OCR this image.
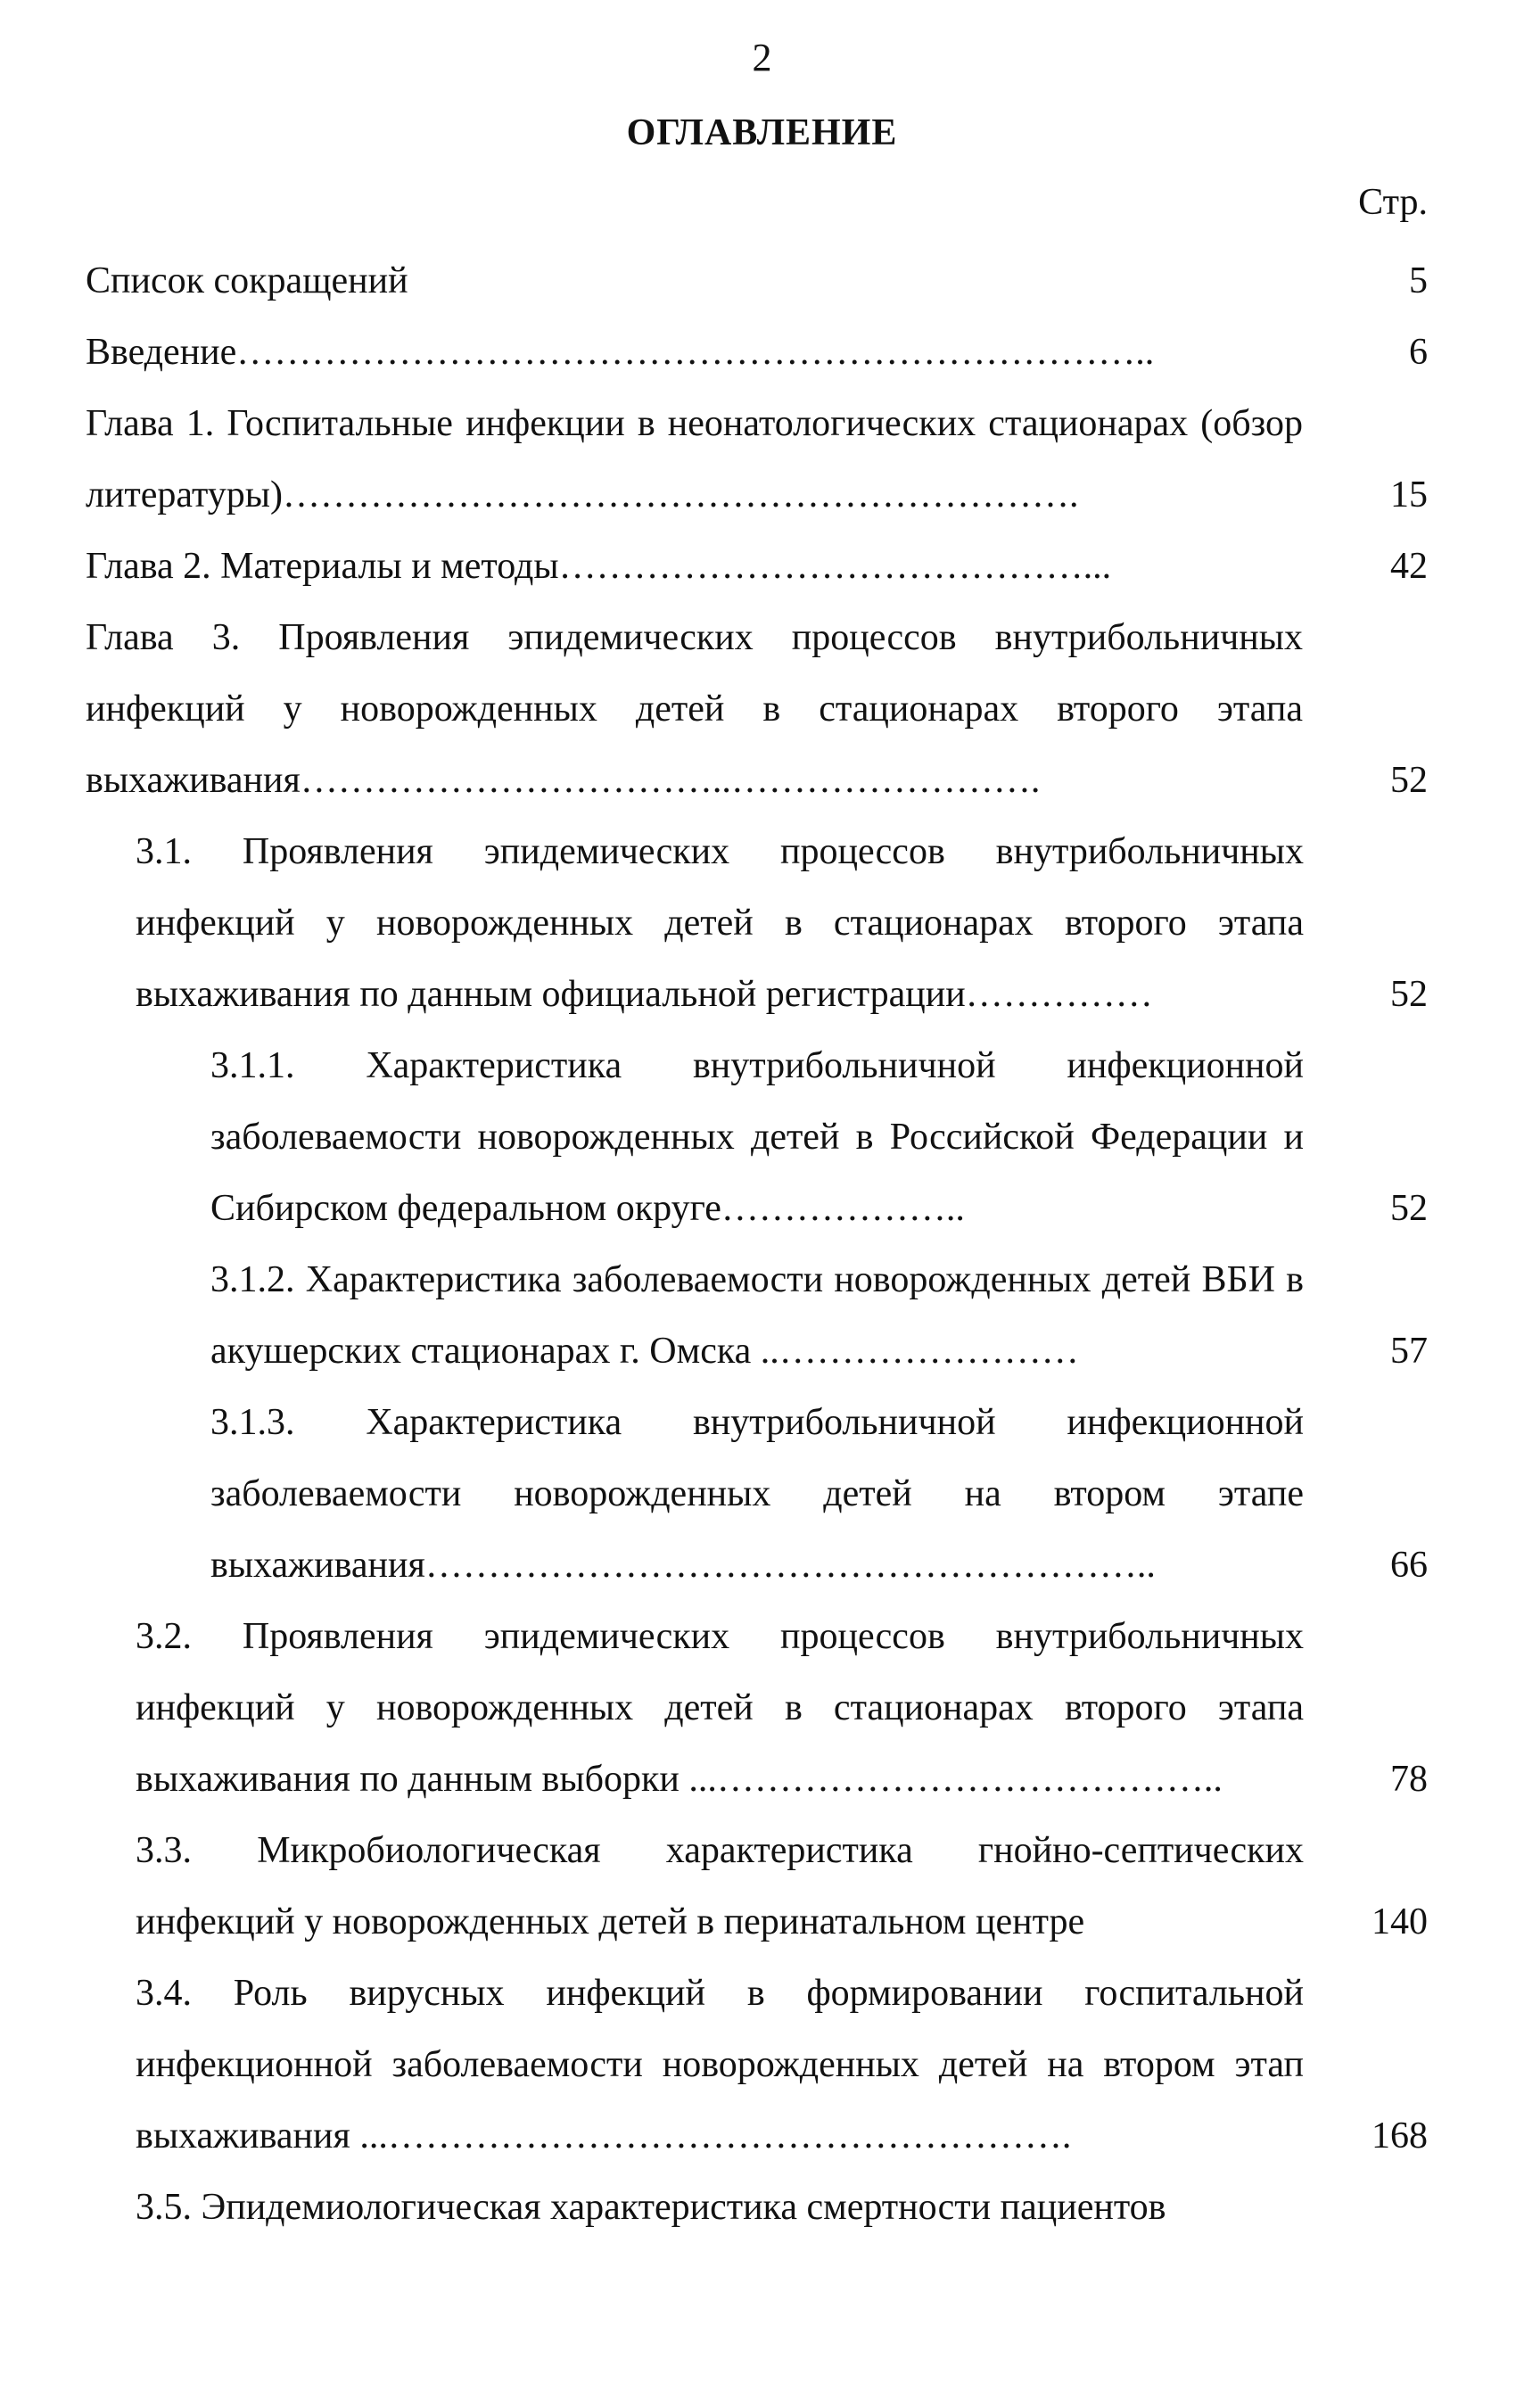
2
ОГЛАВЛЕНИЕ
Стр.
Список сокращений	5
Введение………………………………………………………………..	6
Глава 1. Госпитальные инфекции в неонатологических стационарах (обзор литературы)……………………………………………………….	15
Глава 2. Материалы и методы……………………………………...	42
Глава 3. Проявления эпидемических процессов внутрибольничных инфекций у новорожденных детей в стационарах второго этапа выхаживания……………………………..…………………….	52
3.1. Проявления эпидемических процессов внутрибольничных инфекций у новорожденных детей в стационарах второго этапа выхаживания по данным официальной регистрации……………	52
3.1.1. Характеристика внутрибольничной инфекционной заболеваемости новорожденных детей в Российской Федерации и Сибирском федеральном округе………………..	52
3.1.2. Характеристика заболеваемости новорожденных детей ВБИ в акушерских стационарах г. Омска ..……………………	57
3.1.3. Характеристика внутрибольничной инфекционной заболеваемости новорожденных детей на втором этапе выхаживания…………………………………………………..	66
3.2. Проявления эпидемических процессов внутрибольничных инфекций у новорожденных детей в стационарах второго этапа выхаживания по данным выборки ...…………………………………..	78
3.3. Микробиологическая характеристика гнойно-септических инфекций у новорожденных детей в перинатальном центре	140
3.4. Роль вирусных инфекций в формировании госпитальной инфекционной заболеваемости новорожденных детей на втором этап выхаживания ...……………………………………………….	168
3.5. Эпидемиологическая характеристика смертности пациентов
